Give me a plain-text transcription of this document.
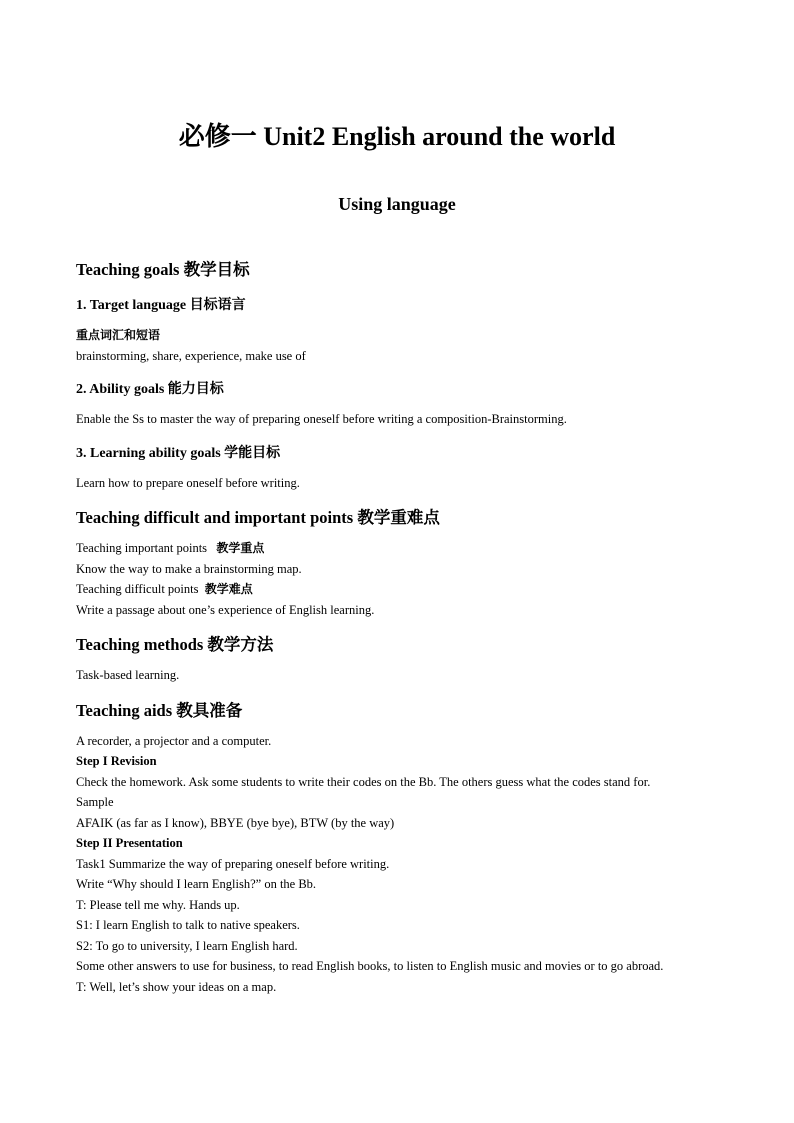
必修一 Unit2 English around the world
Using language

Teaching goals 教学目标

1. Target language 目标语言

重点词汇和短语

brainstorming, share, experience, make use of

2. Ability goals 能力目标

Enable the Ss to master the way of preparing oneself before writing a composition-Brainstorming.

3. Learning ability goals 学能目标

Learn how to prepare oneself before writing.

Teaching difficult and important points 教学重难点

Teaching important points 教学重点

Know the way to make a brainstorming map.

Teaching difficult points 教学难点

Write a passage about one’s experience of English learning.

Teaching methods 教学方法

Task-based learning.

Teaching aids 教具准备

A recorder, a projector and a computer.

Step I Revision

Check the homework. Ask some students to write their codes on the Bb. The others guess what the codes stand for.

Sample

AFAIK (as far as I know), BBYE (bye bye), BTW (by the way)

Step II Presentation

Task1 Summarize the way of preparing oneself before writing.

Write “Why should I learn English?” on the Bb.

T: Please tell me why. Hands up.

S1: I learn English to talk to native speakers.

S2: To go to university, I learn English hard.

Some other answers to use for business, to read English books, to listen to English music and movies or to go abroad.

T: Well, let’s show your ideas on a map.
